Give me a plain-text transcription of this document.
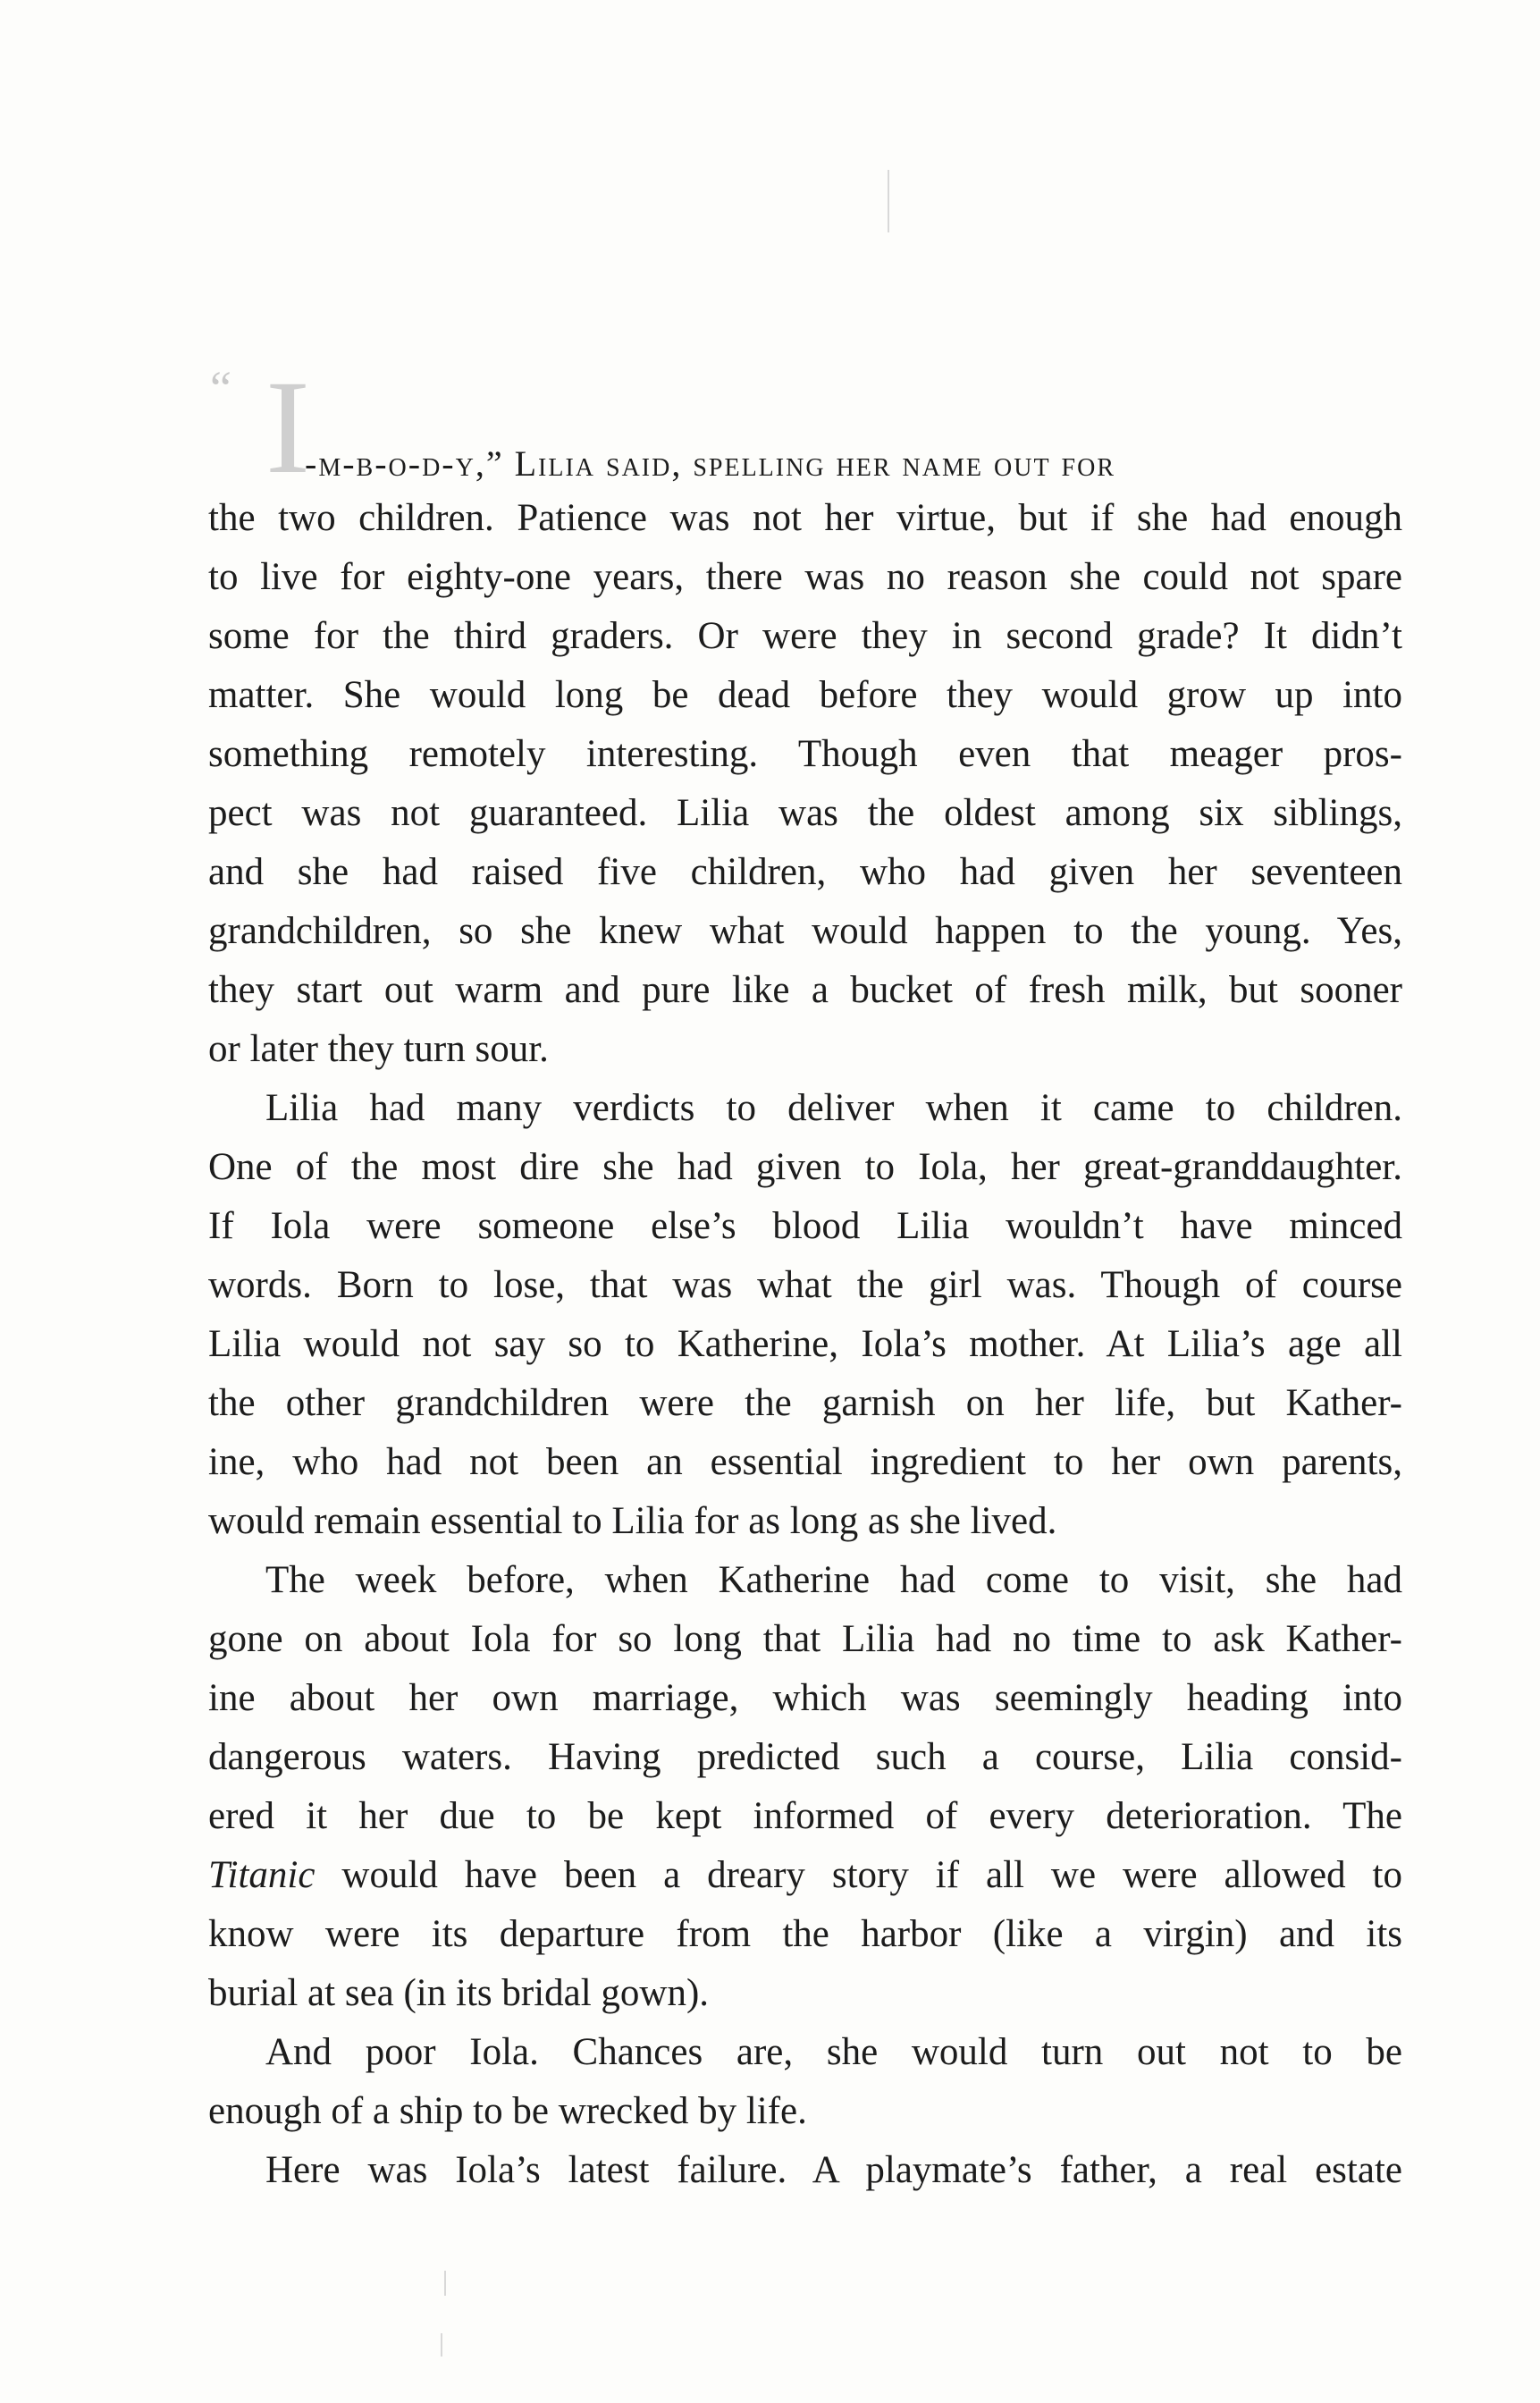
“ I
-m-b-o-d-y,” Lilia said, spelling her name out for
the two children. Patience was not her virtue, but if she had enough
to live for eighty-one years, there was no reason she could not spare
some for the third graders. Or were they in second grade? It didn’t
matter. She would long be dead before they would grow up into
something remotely interesting. Though even that meager pros-
pect was not guaranteed. Lilia was the oldest among six siblings,
and she had raised five children, who had given her seventeen
grandchildren, so she knew what would happen to the young. Yes,
they start out warm and pure like a bucket of fresh milk, but sooner
or later they turn sour.
Lilia had many verdicts to deliver when it came to children.
One of the most dire she had given to Iola, her great-granddaughter.
If Iola were someone else’s blood Lilia wouldn’t have minced
words. Born to lose, that was what the girl was. Though of course
Lilia would not say so to Katherine, Iola’s mother. At Lilia’s age all
the other grandchildren were the garnish on her life, but Kather-
ine, who had not been an essential ingredient to her own parents,
would remain essential to Lilia for as long as she lived.
The week before, when Katherine had come to visit, she had
gone on about Iola for so long that Lilia had no time to ask Kather-
ine about her own marriage, which was seemingly heading into
dangerous waters. Having predicted such a course, Lilia consid-
ered it her due to be kept informed of every deterioration. The
Titanic would have been a dreary story if all we were allowed to
know were its departure from the harbor (like a virgin) and its
burial at sea (in its bridal gown).
And poor Iola. Chances are, she would turn out not to be
enough of a ship to be wrecked by life.
Here was Iola’s latest failure. A playmate’s father, a real estate
